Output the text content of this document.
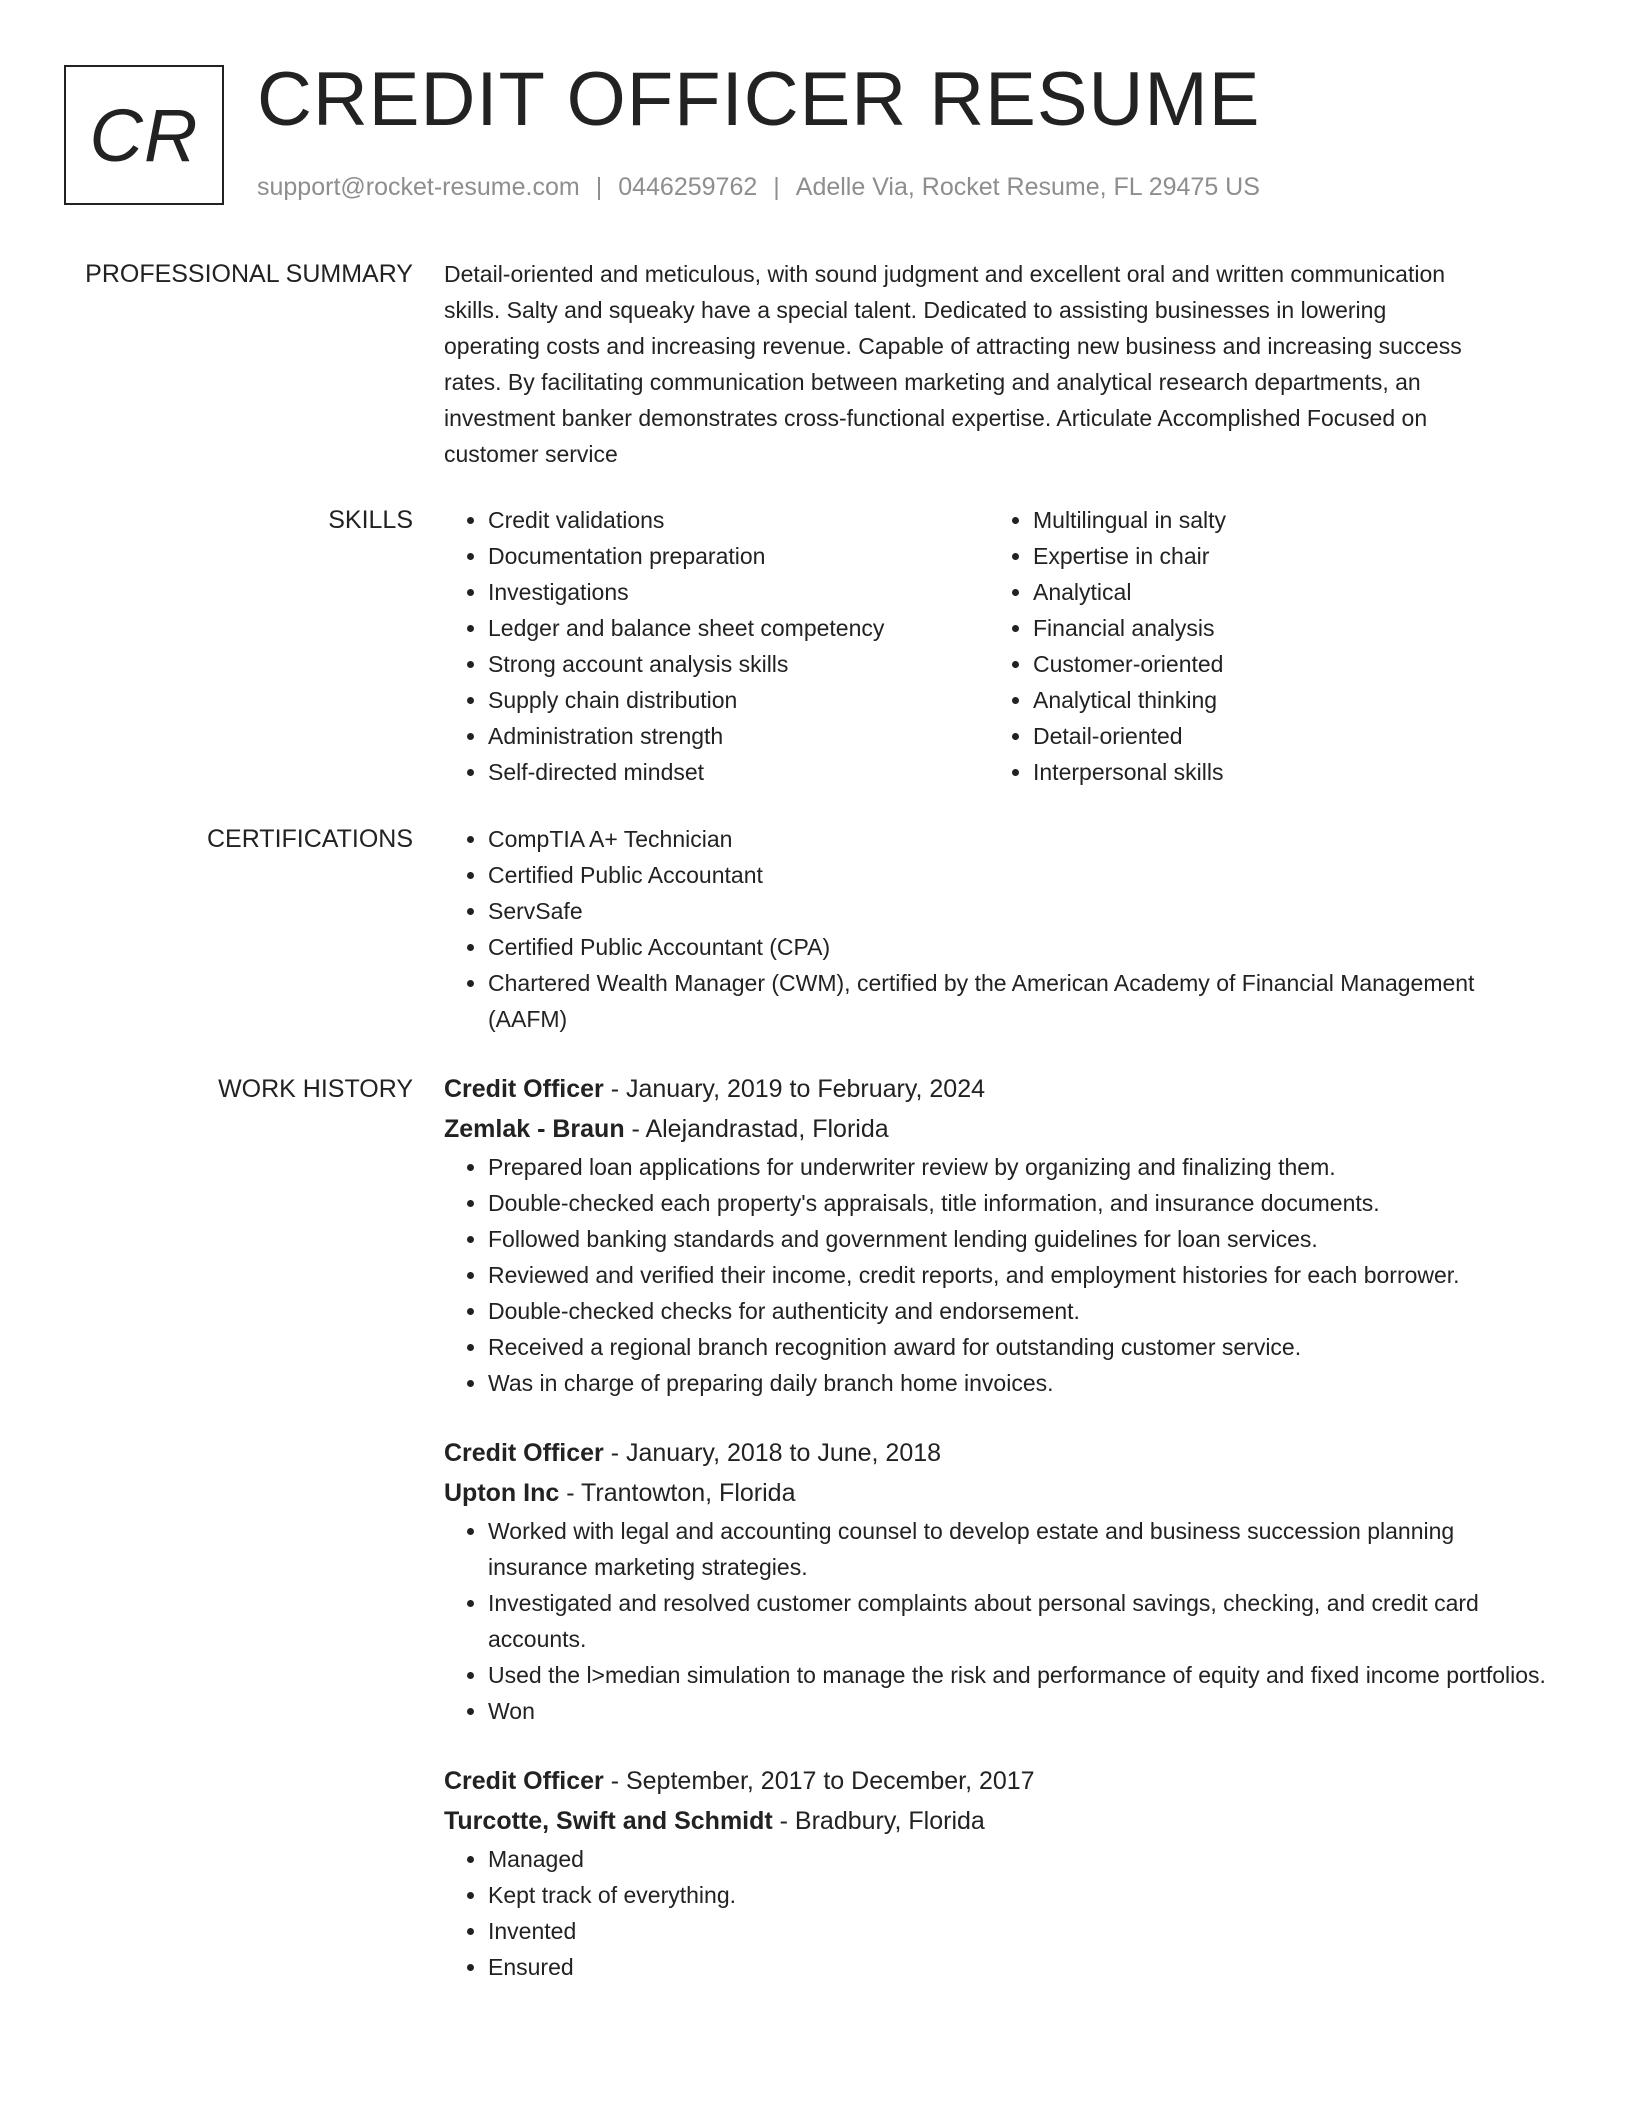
CR CREDIT OFFICER RESUME
support@rocket-resume.com | 0446259762 | Adelle Via, Rocket Resume, FL 29475 US
PROFESSIONAL SUMMARY Detail-oriented and meticulous, with sound judgment and excellent oral and written communication

skills. Salty and squeaky have a special talent. Dedicated to assisting businesses in lowering

operating costs and increasing revenue. Capable of attracting new business and increasing success

rates. By facilitating communication between marketing and analytical research departments, an

investment banker demonstrates cross-functional expertise. Articulate Accomplished Focused on

customer service

SKILLS	• Credit validations
• Documentation preparation
• Investigations
• Ledger and balance sheet competency
• Strong account analysis skills
• Supply chain distribution
• Administration strength
• Self-directed mindset
• Multilingual in salty
• Expertise in chair
• Analytical
• Financial analysis
• Customer-oriented
• Analytical thinking
• Detail-oriented
• Interpersonal skills
CERTIFICATIONS	• CompTIA A+ Technician
• Certified Public Accountant
• ServSafe
• Certified Public Accountant (CPA)
• Chartered Wealth Manager (CWM), certified by the American Academy of Financial Management (AAFM)
WORK HISTORY Credit Officer - January, 2019 to February, 2024
Zemlak - Braun - Alejandrastad, Florida
• Prepared loan applications for underwriter review by organizing and finalizing them.
• Double-checked each property's appraisals, title information, and insurance documents.
• Followed banking standards and government lending guidelines for loan services.
• Reviewed and verified their income, credit reports, and employment histories for each borrower.
• Double-checked checks for authenticity and endorsement.
• Received a regional branch recognition award for outstanding customer service.
• Was in charge of preparing daily branch home invoices.
Credit Officer - January, 2018 to June, 2018
Upton Inc - Trantowton, Florida
• Worked with legal and accounting counsel to develop estate and business succession planning insurance marketing strategies.
• Investigated and resolved customer complaints about personal savings, checking, and credit card accounts.
• Used the l>median simulation to manage the risk and performance of equity and fixed income portfolios.
• Won
Credit Officer - September, 2017 to December, 2017
Turcotte, Swift and Schmidt - Bradbury, Florida
• Managed
• Kept track of everything.
• Invented
• Ensured
